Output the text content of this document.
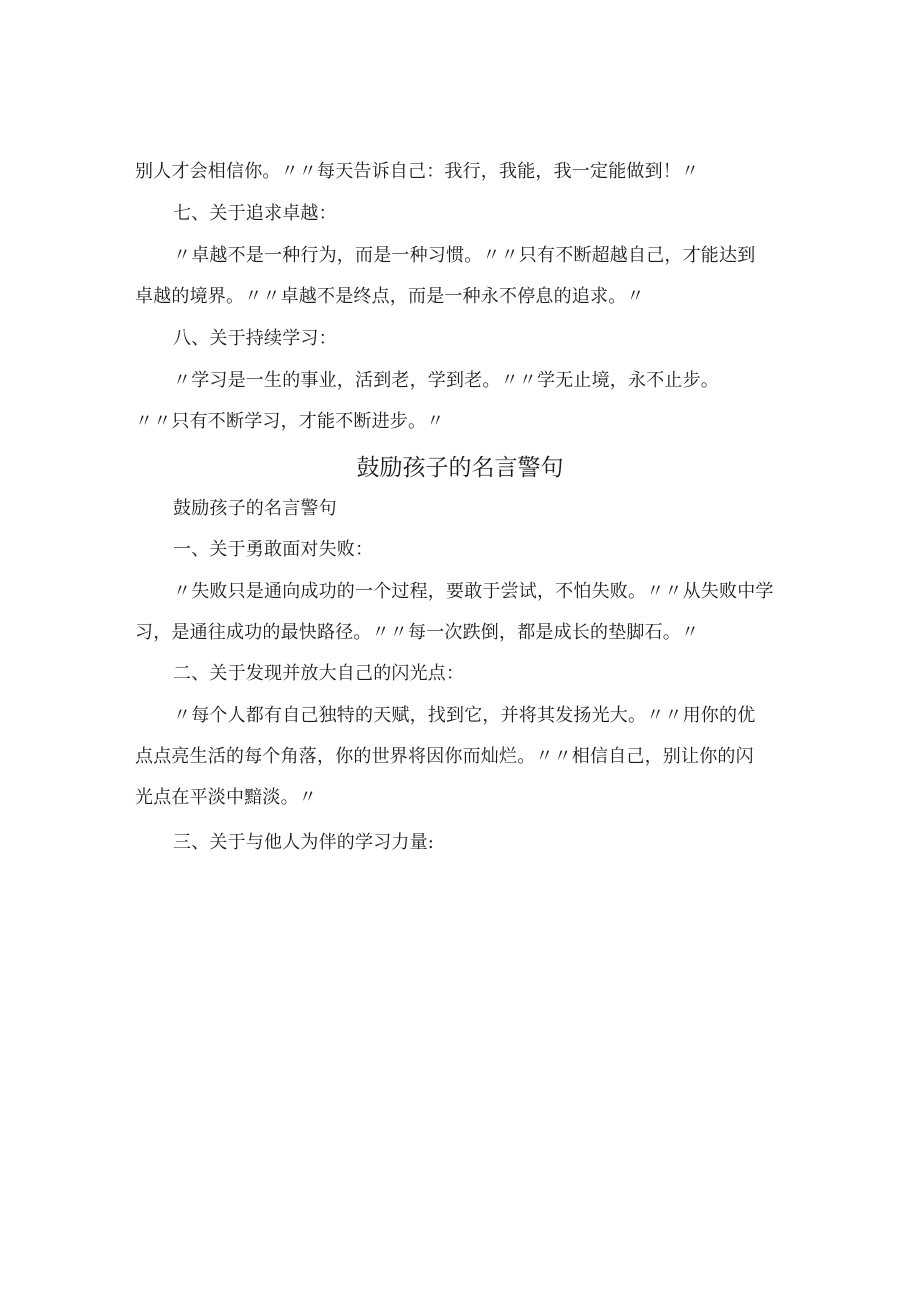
别人才会相信你。〃〃每天告诉自己：我行，我能，我一定能做到！〃
七、关于追求卓越：
〃卓越不是一种行为，而是一种习惯。〃〃只有不断超越自己，才能达到
卓越的境界。〃〃卓越不是终点，而是一种永不停息的追求。〃
八、关于持续学习：
〃学习是一生的事业，活到老，学到老。〃〃学无止境，永不止步。
〃〃只有不断学习，才能不断进步。〃
鼓励孩子的名言警句
鼓励孩子的名言警句
一、关于勇敢面对失败：
〃失败只是通向成功的一个过程，要敢于尝试，不怕失败。〃〃从失败中学
习，是通往成功的最快路径。〃〃每一次跌倒，都是成长的垫脚石。〃
二、关于发现并放大自己的闪光点：
〃每个人都有自己独特的天赋，找到它，并将其发扬光大。〃〃用你的优
点点亮生活的每个角落，你的世界将因你而灿烂。〃〃相信自己，别让你的闪
光点在平淡中黯淡。〃
三、关于与他人为伴的学习力量:
